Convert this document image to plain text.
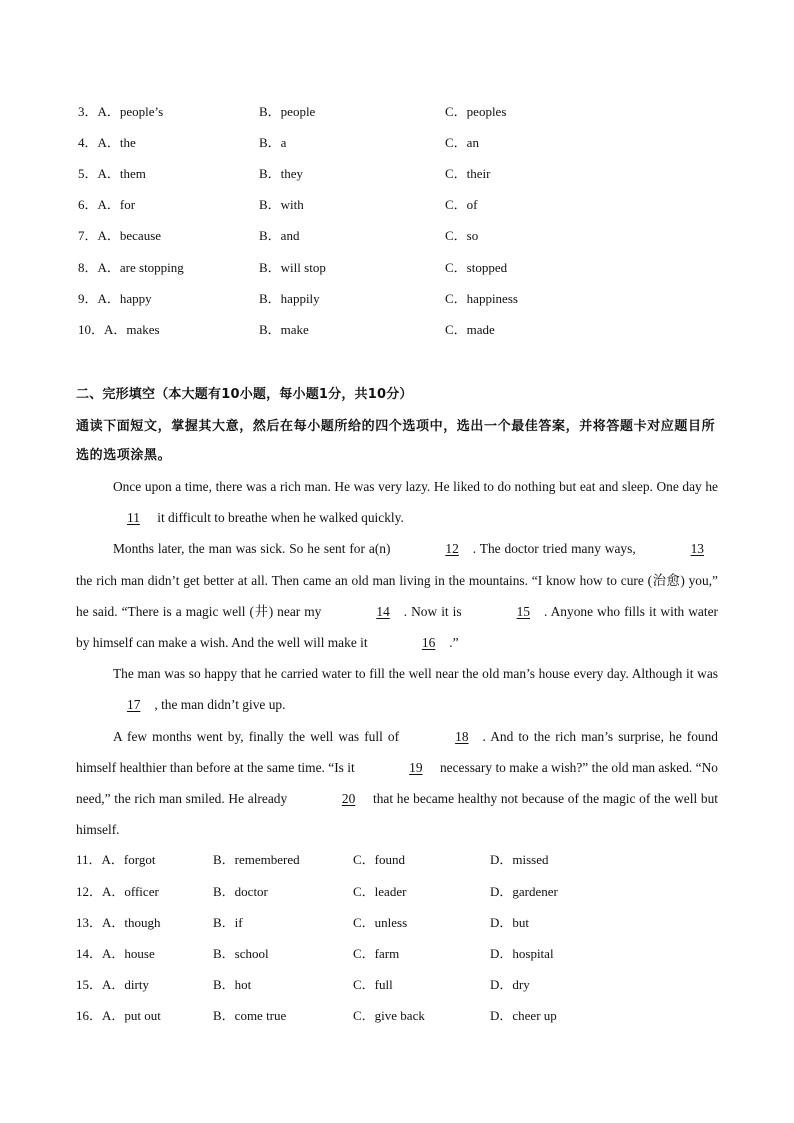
3．A．people’s	B．people	C．peoples
4．A．the	B．a	C．an
5．A．them	B．they	C．their
6．A．for	B．with	C．of
7．A．because	B．and	C．so
8．A．are stopping	B．will stop	C．stopped
9．A．happy	B．happily	C．happiness
10．A．makes	B．make	C．made
二、完形填空（本大题有10小题，每小题1分，共10分）
通读下面短文，掌握其大意，然后在每小题所给的四个选项中，选出一个最佳答案，并将答题卡对应题目所选的选项涂黑。

Once upon a time, there was a rich man. He was very lazy. He liked to do nothing but eat and sleep. One day he 11 it difficult to breathe when he walked quickly.

Months later, the man was sick. So he sent for a(n)	12 . The doctor tried many ways,	13 the rich man didn’t get better at all. Then came an old man living in the mountains. “I know how to cure (治愈) you,” he said. “There is a magic well (井) near my	14 . Now it is	15 . Anyone who fills it with water by himself can make a wish. And the well will make it	16 .”

The man was so happy that he carried water to fill the well near the old man’s house every day. Although it was 17 , the man didn’t give up.

A few months went by, finally the well was full of	18 . And to the rich man’s surprise, he found himself healthier than before at the same time. “Is it	19 necessary to make a wish?” the old man asked. “No need,” the rich man smiled. He already	20 that he became healthy not because of the magic of the well but himself.

11．A．forgot	B．remembered	C．found	D．missed
12．A．officer	B．doctor	C．leader	D．gardener
13．A．though	B．if	C．unless	D．but
14．A．house	B．school	C．farm	D．hospital
15．A．dirty	B．hot	C．full	D．dry
16．A．put out	B．come true	C．give back	D．cheer up
